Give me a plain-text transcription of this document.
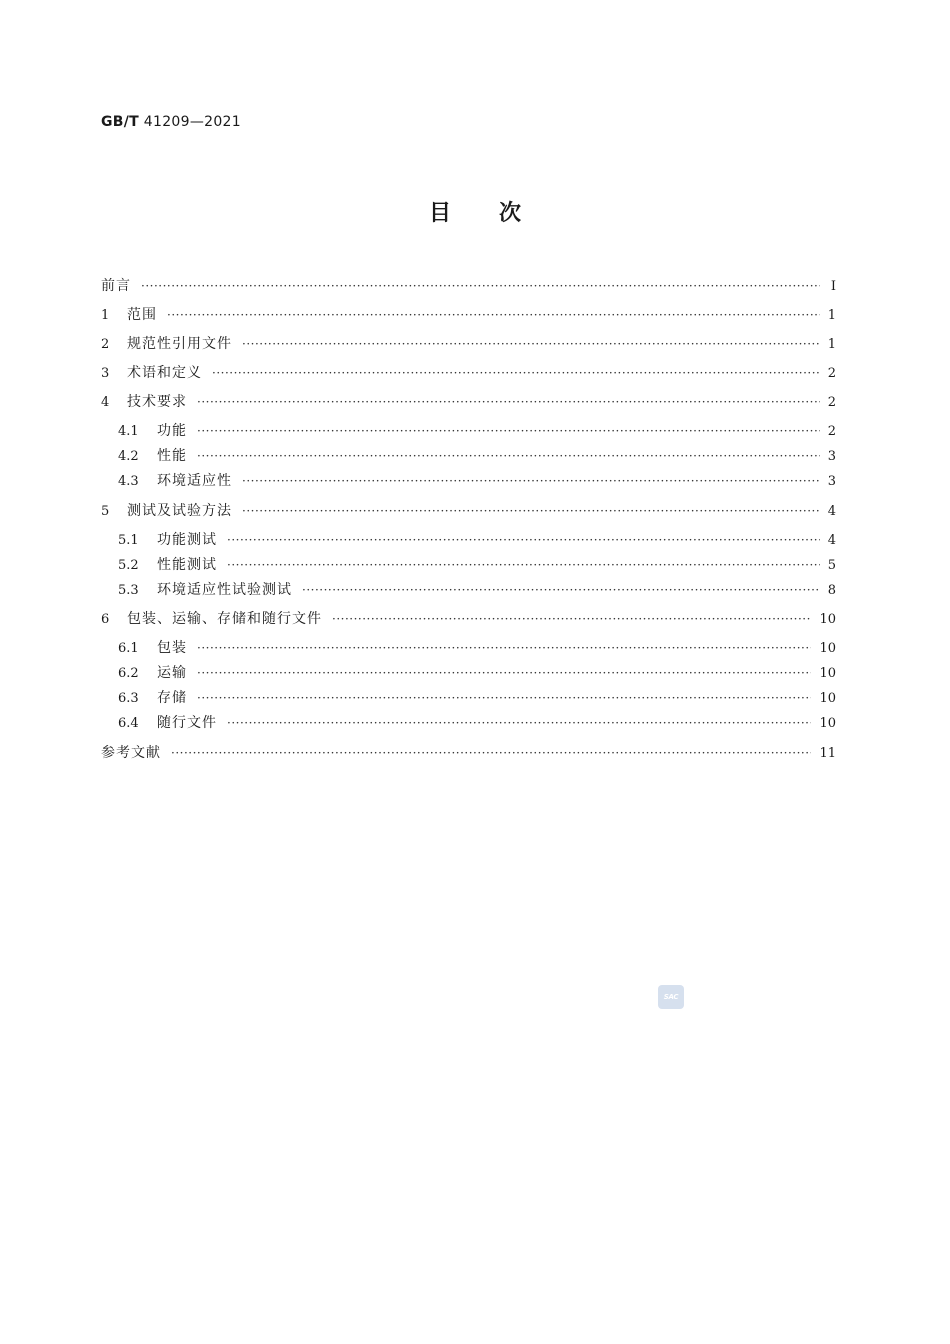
GB/T 41209—2021
目次
前言 ·····	Ⅰ
1	范围 ·····	1
2	规范性引用文件 ·····	1
3	术语和定义 ·····	2
4	技术要求 ·····	2
4.1	功能 ·····	2
4.2	性能 ·····	3
4.3	环境适应性 ·····	3
5	测试及试验方法 ·····	4
5.1	功能测试 ·····	4
5.2	性能测试 ·····	5
5.3	环境适应性试验测试 ·····	8
6	包装、运输、存储和随行文件 ·····	10
6.1	包装 ·····	10
6.2	运输 ·····	10
6.3	存储 ·····	10
6.4	随行文件 ·····	10
参考文献 ·····	11
SAC
